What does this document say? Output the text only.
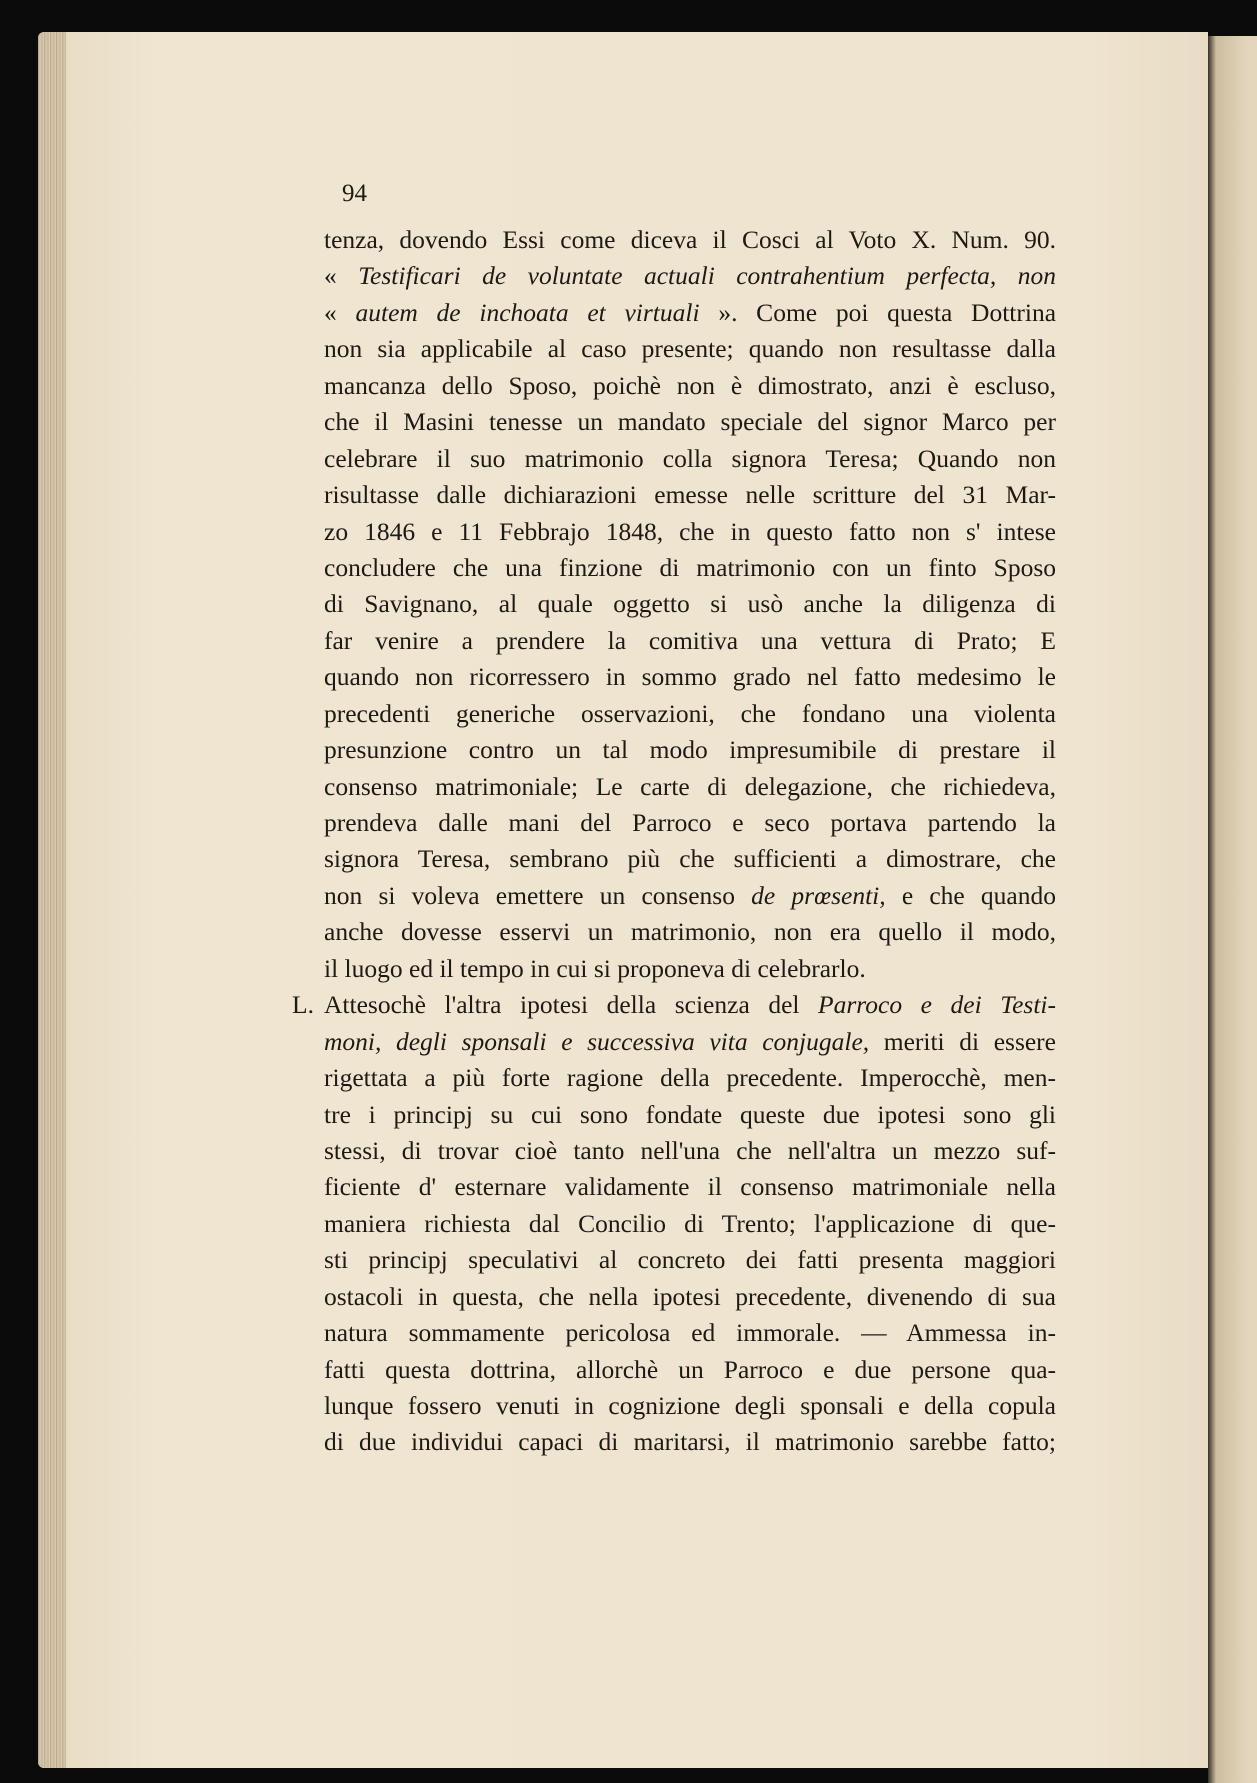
94
tenza, dovendo Essi come diceva il Cosci al Voto X. Num. 90.
« Testificari de voluntate actuali contrahentium perfecta, non
« autem de inchoata et virtuali ». Come poi questa Dottrina
non sia applicabile al caso presente; quando non resultasse dalla
mancanza dello Sposo, poichè non è dimostrato, anzi è escluso,
che il Masini tenesse un mandato speciale del signor Marco per
celebrare il suo matrimonio colla signora Teresa; Quando non
risultasse dalle dichiarazioni emesse nelle scritture del 31 Mar-
zo 1846 e 11 Febbrajo 1848, che in questo fatto non s' intese
concludere che una finzione di matrimonio con un finto Sposo
di Savignano, al quale oggetto si usò anche la diligenza di
far venire a prendere la comitiva una vettura di Prato; E
quando non ricorressero in sommo grado nel fatto medesimo le
precedenti generiche osservazioni, che fondano una violenta
presunzione contro un tal modo impresumibile di prestare il
consenso matrimoniale; Le carte di delegazione, che richiedeva,
prendeva dalle mani del Parroco e seco portava partendo la
signora Teresa, sembrano più che sufficienti a dimostrare, che
non si voleva emettere un consenso de prœsenti, e che quando
anche dovesse esservi un matrimonio, non era quello il modo,
il luogo ed il tempo in cui si proponeva di celebrarlo.
L. Attesochè l'altra ipotesi della scienza del Parroco e dei Testi-
moni, degli sponsali e successiva vita conjugale, meriti di essere
rigettata a più forte ragione della precedente. Imperocchè, men-
tre i principj su cui sono fondate queste due ipotesi sono gli
stessi, di trovar cioè tanto nell'una che nell'altra un mezzo suf-
ficiente d' esternare validamente il consenso matrimoniale nella
maniera richiesta dal Concilio di Trento; l'applicazione di que-
sti principj speculativi al concreto dei fatti presenta maggiori
ostacoli in questa, che nella ipotesi precedente, divenendo di sua
natura sommamente pericolosa ed immorale. — Ammessa in-
fatti questa dottrina, allorchè un Parroco e due persone qua-
lunque fossero venuti in cognizione degli sponsali e della copula
di due individui capaci di maritarsi, il matrimonio sarebbe fatto;
